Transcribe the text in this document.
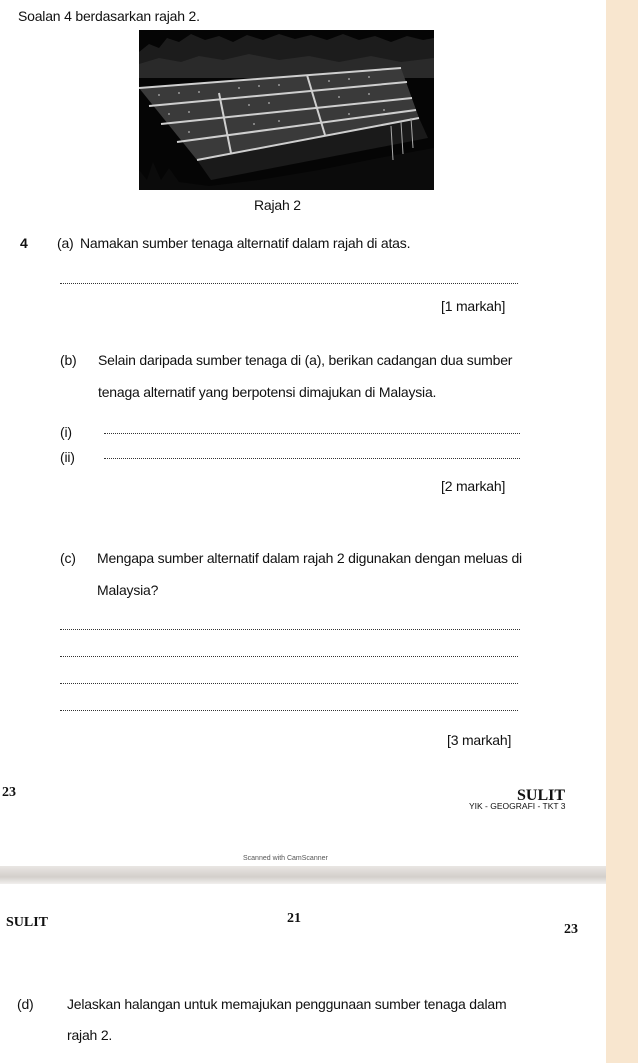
Soalan 4 berdasarkan rajah 2.
Rajah 2
4 (a) Namakan sumber tenaga alternatif dalam rajah di atas.
[1 markah]
(b) Selain daripada sumber tenaga di (a), berikan cadangan dua sumber
tenaga alternatif yang berpotensi dimajukan di Malaysia.
(i)
(ii)
[2 markah]
(c) Mengapa sumber alternatif dalam rajah 2 digunakan dengan meluas di
Malaysia?
[3 markah]
23	SULIT
YIK - GEOGRAFI - TKT 3
Scanned with CamScanner
SULIT	21
23
(d) Jelaskan halangan untuk memajukan penggunaan sumber tenaga dalam
rajah 2.
